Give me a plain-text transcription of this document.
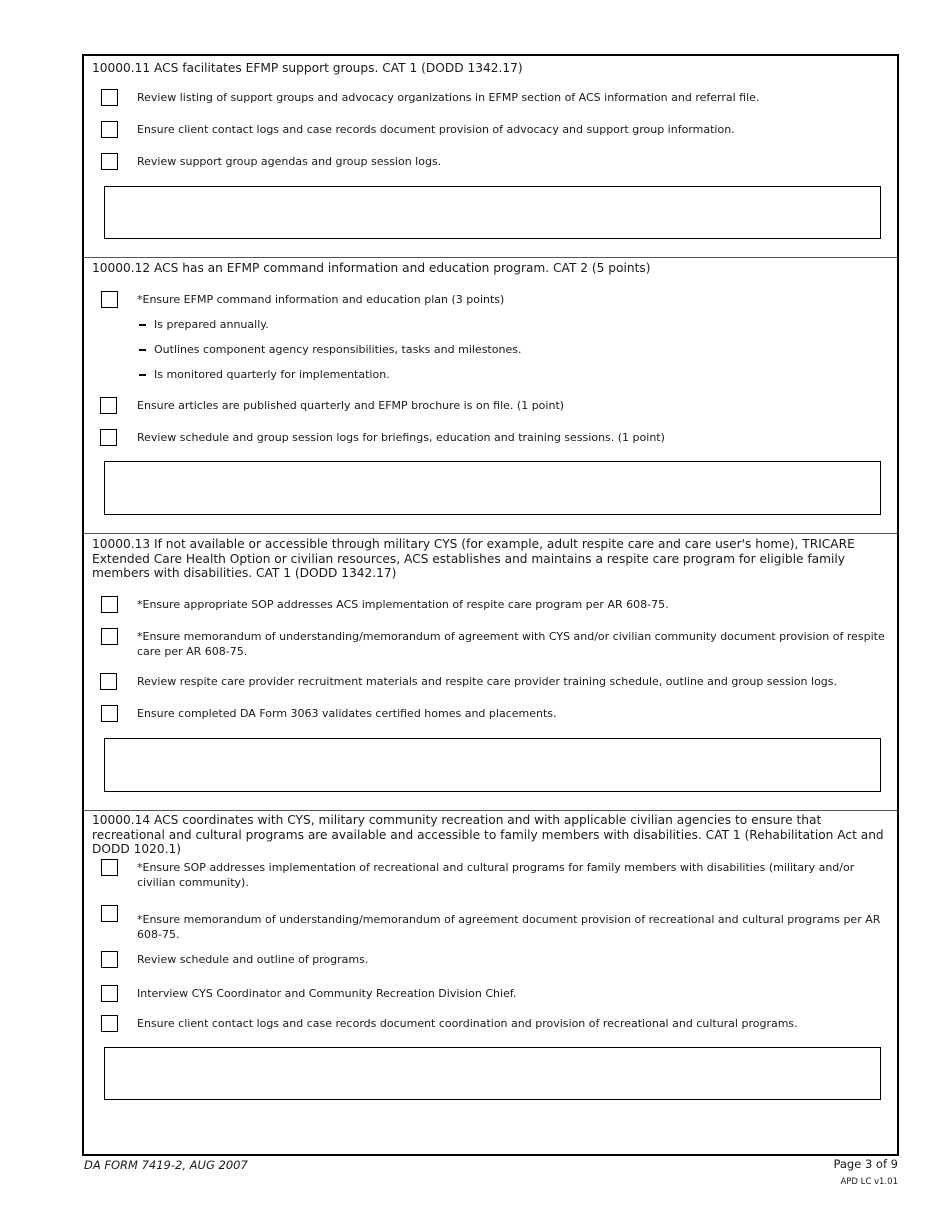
10000.11 ACS facilitates EFMP support groups. CAT 1 (DODD 1342.17)
Review listing of support groups and advocacy organizations in EFMP section of ACS information and referral file.
Ensure client contact logs and case records document provision of advocacy and support group information.
Review support group agendas and group session logs.
10000.12 ACS has an EFMP command information and education program. CAT 2 (5 points)
*Ensure EFMP command information and education plan (3 points)
Is prepared annually.
Outlines component agency responsibilities, tasks and milestones.
Is monitored quarterly for implementation.
Ensure articles are published quarterly and EFMP brochure is on file. (1 point)
Review schedule and group session logs for briefings, education and training sessions. (1 point)
10000.13 If not available or accessible through military CYS (for example, adult respite care and care user's home), TRICARE Extended Care Health Option or civilian resources, ACS establishes and maintains a respite care program for eligible family members with disabilities. CAT 1 (DODD 1342.17)
*Ensure appropriate SOP addresses ACS implementation of respite care program per AR 608-75.
*Ensure memorandum of understanding/memorandum of agreement with CYS and/or civilian community document provision of respite care per AR 608-75.
Review respite care provider recruitment materials and respite care provider training schedule, outline and group session logs.
Ensure completed DA Form 3063 validates certified homes and placements.
10000.14 ACS coordinates with CYS, military community recreation and with applicable civilian agencies to ensure that recreational and cultural programs are available and accessible to family members with disabilities. CAT 1 (Rehabilitation Act and DODD 1020.1)
*Ensure SOP addresses implementation of recreational and cultural programs for family members with disabilities (military and/or civilian community).
*Ensure memorandum of understanding/memorandum of agreement document provision of recreational and cultural programs per AR 608-75.
Review schedule and outline of programs.
Interview CYS Coordinator and Community Recreation Division Chief.
Ensure client contact logs and case records document coordination and provision of recreational and cultural programs.
DA FORM 7419-2, AUG 2007	Page 3 of 9
APD LC v1.01
